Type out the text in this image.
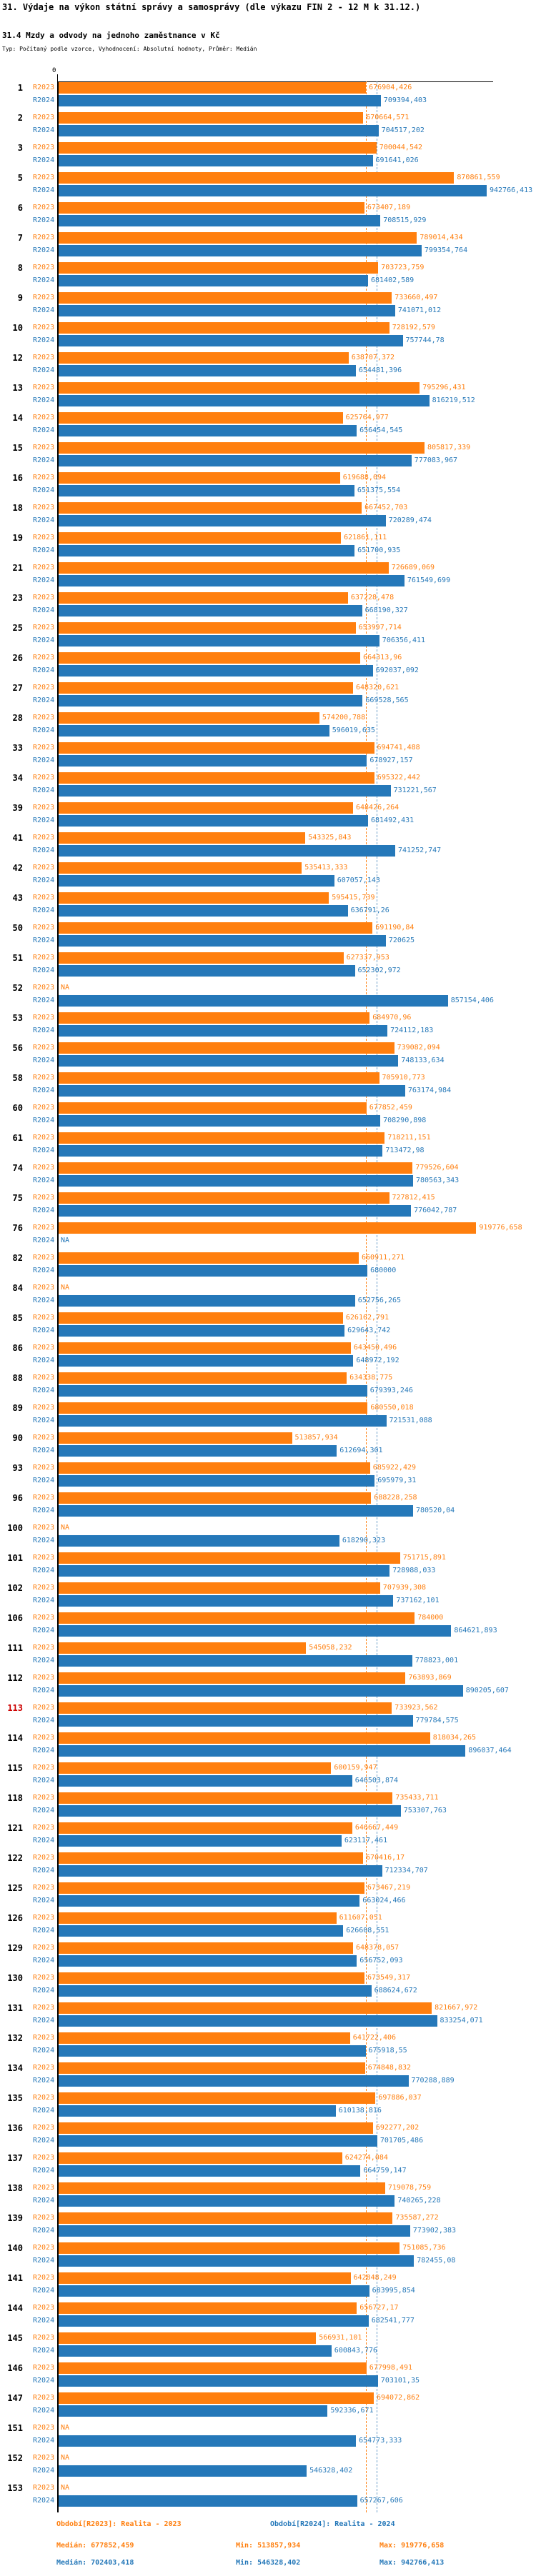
31. Výdaje na výkon státní správy a samosprávy (dle výkazu FIN 2 - 12 M k 31.12.)
31.4 Mzdy a odvody na jednoho zaměstnance v Kč
Typ: Počítaný podle vzorce, Vyhodnocení: Absolutní hodnoty, Průměr: Medián
0
1 R2023	676904,426
R2024	709394,403
2 R2023	670664,571
R2024	704517,202
3 R2023	700044,542
R2024	691641,026
5 R2023	870861,559
R2024	942766,413
6 R2023	673407,189
R2024	708515,929
7 R2023	789014,434
R2024	799354,764
8 R2023	703723,759
R2024	681402,589
9 R2023	733660,497
R2024	741071,012
10 R2023	728192,579
R2024	757744,78
12 R2023	638707,372
R2024	654481,396
13 R2023	795296,431
R2024	816219,512
14 R2023	625764,977
R2024	656454,545
15 R2023	805817,339
R2024	777083,967
16 R2023	619688,094
R2024	651375,554
18 R2023	667452,703
R2024	720289,474
19 R2023	621861,111
R2024	651700,935
21 R2023	726689,069
R2024	761549,699
23 R2023	637228,478
R2024	668190,327
25 R2023	653997,714
R2024	706356,411
26 R2023	664313,96
R2024	692037,092
27 R2023	648320,621
R2024	669528,565
28 R2023	574200,788
R2024	596019,635
33 R2023	694741,488
R2024	678927,157
34 R2023	695322,442
R2024	731221,567
39 R2023	648426,264
R2024	681492,431
41 R2023	543325,843
R2024	741252,747
42 R2023	535413,333
R2024	607057,143
43 R2023	595415,739
R2024	636791,26
50 R2023	691190,84
R2024	720625
51 R2023	627337,953
R2024	652302,972
52 R2023 NA
R2024	857154,406
53 R2023	684970,96
R2024	724112,183
56 R2023	739082,094
R2024	748133,634
58 R2023	705910,773
R2024	763174,984
60 R2023	677852,459
R2024	708290,898
61 R2023	718211,151
R2024	713472,98
74 R2023	779526,604
R2024	780563,343
75 R2023	727812,415
R2024	776042,787
76 R2023	919776,658
R2024 NA
82 R2023	660911,271
R2024	680000
84 R2023 NA
R2024	652756,265
85 R2023	626162,791
R2024	629643,742
86 R2023	643450,496
R2024	648972,192
88 R2023	634338,775
R2024	679393,246
89 R2023	680550,018
R2024	721531,088
90 R2023	513857,934
R2024	612694,301
93 R2023	685922,429
R2024	695979,31
96 R2023	688228,258
R2024	780520,04
100 R2023 NA
R2024	618290,323
101 R2023	751715,891
R2024	728988,033
102 R2023	707939,308
R2024	737162,101
106 R2023	784000
R2024	864621,893
111 R2023	545058,232
R2024	778823,001
112 R2023	763893,869
R2024	890205,607
113 R2023	733923,562
R2024	779784,575
114 R2023	818034,265
R2024	896037,464
115 R2023	600159,947
R2024	646503,874
118 R2023	735433,711
R2024	753307,763
121 R2023	646667,449
R2024	623117,461
122 R2023	670416,17
R2024	712334,707
125 R2023	673467,219
R2024	663024,466
126 R2023	611607,051
R2024	626608,551
129 R2023	648378,057
R2024	656752,093
130 R2023	673549,317
R2024	688624,672
131 R2023	821667,972
R2024	833254,071
132 R2023	641722,406
R2024	675918,55
134 R2023	674848,832
R2024	770288,889
135 R2023	697886,037
R2024	610138,816
136 R2023	692277,202
R2024	701705,486
137 R2023	624274,084
R2024	664759,147
138 R2023	719078,759
R2024	740265,228
139 R2023	735587,272
R2024	773902,383
140 R2023	751085,736
R2024	782455,08
141 R2023	642848,249
R2024	683995,854
144 R2023	656727,17
R2024	682541,777
145 R2023	566931,101
R2024	600843,776
146 R2023	677998,491
R2024	703101,35
147 R2023	694072,862
R2024	592336,671
151 R2023 NA
R2024	654773,333
152 R2023 NA
R2024	546328,402
153 R2023 NA
R2024	657267,606
Období[R2023]: Realita - 2023	Období[R2024]: Realita - 2024
Medián: 677852,459	Min: 513857,934	Max: 919776,658
Medián: 702403,418	Min: 546328,402	Max: 942766,413
